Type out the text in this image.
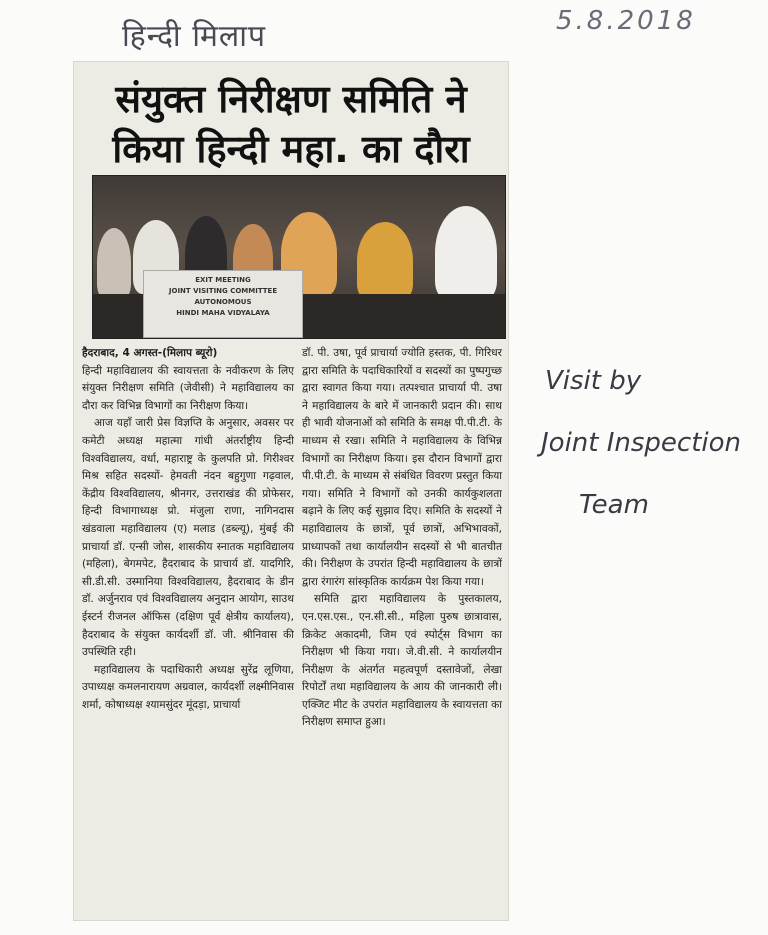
हिन्दी मिलाप	5.8.2018
Visit by
Joint Inspection
Team
संयुक्त निरीक्षण समिति ने
किया हिन्दी महा. का दौरा
EXIT MEETING
JOINT VISITING COMMITTEE
AUTONOMOUS
HINDI MAHA VIDYALAYA

हैदराबाद, 4 अगस्त-(मिलाप ब्यूरो)

हिन्दी महाविद्यालय की स्वायत्तता के नवीकरण के लिए संयुक्त निरीक्षण समिति (जेवीसी) ने महाविद्यालय का दौरा कर विभिन्न विभागों का निरीक्षण किया।

आज यहाँ जारी प्रेस विज्ञप्ति के अनुसार, अवसर पर कमेटी अध्यक्ष महात्मा गांधी अंतर्राष्ट्रीय हिन्दी विश्वविद्यालय, वर्धा, महाराष्ट्र के कुलपति प्रो. गिरीश्वर मिश्र सहित सदस्यों- हेमवती नंदन बहुगुणा गढ़वाल, केंद्रीय विश्वविद्यालय, श्रीनगर, उत्तराखंड की प्रोफेसर, हिन्दी विभागाध्यक्ष प्रो. मंजुला राणा, नागिनदास खंडवाला महाविद्यालय (ए) मलाड (डब्ल्यू), मुंबई की प्राचार्या डॉ. एन्सी जोस, शासकीय स्नातक महाविद्यालय (महिला), बेगमपेट, हैदराबाद के प्राचार्य डॉ. यादगिरि, सी.डी.सी. उस्मानिया विश्वविद्यालय, हैदराबाद के डीन डॉ. अर्जुनराव एवं विश्वविद्यालय अनुदान आयोग, साउथ ईस्टर्न रीजनल ऑफिस (दक्षिण पूर्व क्षेत्रीय कार्यालय), हैदराबाद के संयुक्त कार्यदर्शी डॉ. जी. श्रीनिवास की उपस्थिति रही।

महाविद्यालय के पदाधिकारी अध्यक्ष सुरेंद्र लूणिया, उपाध्यक्ष कमलनारायण अग्रवाल, कार्यदर्शी लक्ष्मीनिवास शर्मा, कोषाध्यक्ष श्यामसुंदर मूंदड़ा, प्राचार्या

डॉ. पी. उषा, पूर्व प्राचार्या ज्योति हस्तक, पी. गिरिधर द्वारा समिति के पदाधिकारियों व सदस्यों का पुष्पगुच्छ द्वारा स्वागत किया गया। तत्पश्चात प्राचार्या पी. उषा ने महाविद्यालय के बारे में जानकारी प्रदान की। साथ ही भावी योजनाओं को समिति के समक्ष पी.पी.टी. के माध्यम से रखा। समिति ने महाविद्यालय के विभिन्न विभागों का निरीक्षण किया। इस दौरान विभागों द्वारा पी.पी.टी. के माध्यम से संबंधित विवरण प्रस्तुत किया गया। समिति ने विभागों को उनकी कार्यकुशलता बढ़ाने के लिए कई सुझाव दिए। समिति के सदस्यों ने महाविद्यालय के छात्रों, पूर्व छात्रों, अभिभावकों, प्राध्यापकों तथा कार्यालयीन सदस्यों से भी बातचीत की। निरीक्षण के उपरांत हिन्दी महाविद्यालय के छात्रों द्वारा रंगारंग सांस्कृतिक कार्यक्रम पेश किया गया।

समिति द्वारा महाविद्यालय के पुस्तकालय, एन.एस.एस., एन.सी.सी., महिला पुरुष छात्रावास, क्रिकेट अकादमी, जिम एवं स्पोर्ट्स विभाग का निरीक्षण भी किया गया। जे.वी.सी. ने कार्यालयीन निरीक्षण के अंतर्गत महत्वपूर्ण दस्तावेजों, लेखा रिपोर्टों तथा महाविद्यालय के आय की जानकारी ली। एक्जिट मीट के उपरांत महाविद्यालय के स्वायत्तता का निरीक्षण समाप्त हुआ।
